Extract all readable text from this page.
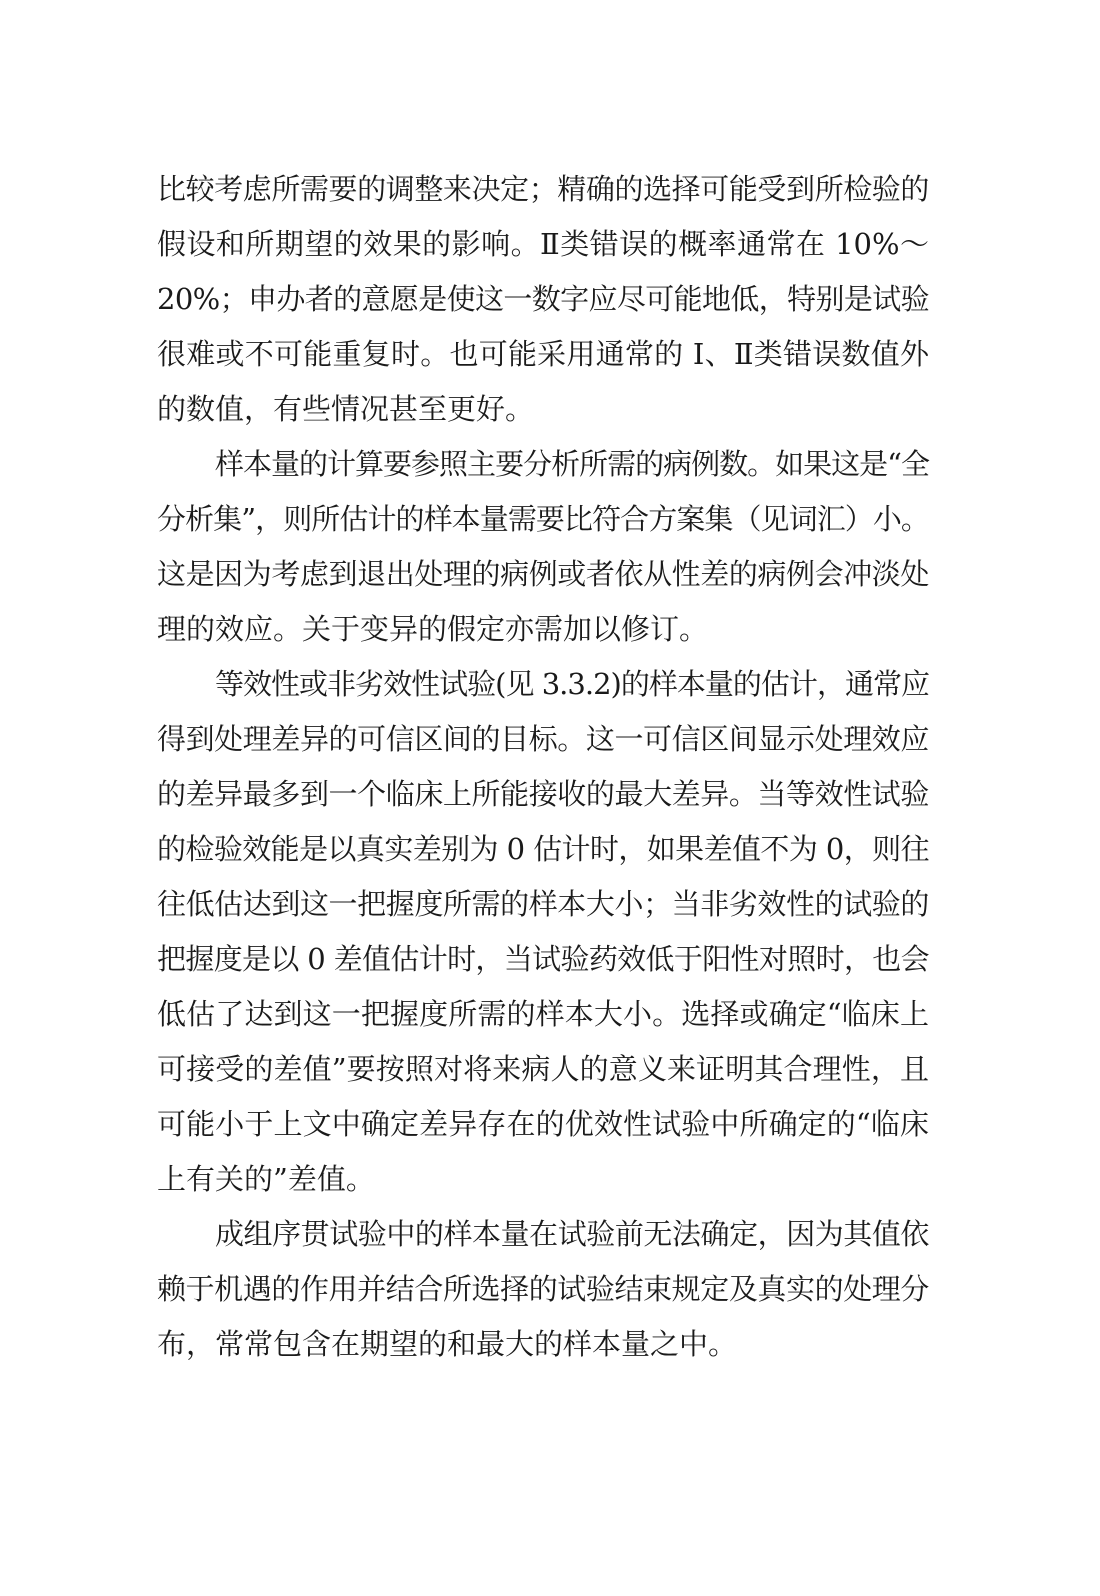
比较考虑所需要的调整来决定；精确的选择可能受到所检验的
假设和所期望的效果的影响。Ⅱ类错误的概率通常在 10%～
20%；申办者的意愿是使这一数字应尽可能地低，特别是试验
很难或不可能重复时。也可能采用通常的 Ⅰ、Ⅱ类错误数值外
的数值，有些情况甚至更好。
样本量的计算要参照主要分析所需的病例数。如果这是“全
分析集”，则所估计的样本量需要比符合方案集（见词汇）小。
这是因为考虑到退出处理的病例或者依从性差的病例会冲淡处
理的效应。关于变异的假定亦需加以修订。
等效性或非劣效性试验(见 3.3.2)的样本量的估计，通常应
得到处理差异的可信区间的目标。这一可信区间显示处理效应
的差异最多到一个临床上所能接收的最大差异。当等效性试验
的检验效能是以真实差别为 0 估计时，如果差值不为 0，则往
往低估达到这一把握度所需的样本大小；当非劣效性的试验的
把握度是以 0 差值估计时，当试验药效低于阳性对照时，也会
低估了达到这一把握度所需的样本大小。选择或确定“临床上
可接受的差值”要按照对将来病人的意义来证明其合理性，且
可能小于上文中确定差异存在的优效性试验中所确定的“临床
上有关的”差值。
成组序贯试验中的样本量在试验前无法确定，因为其值依
赖于机遇的作用并结合所选择的试验结束规定及真实的处理分
布，常常包含在期望的和最大的样本量之中。
